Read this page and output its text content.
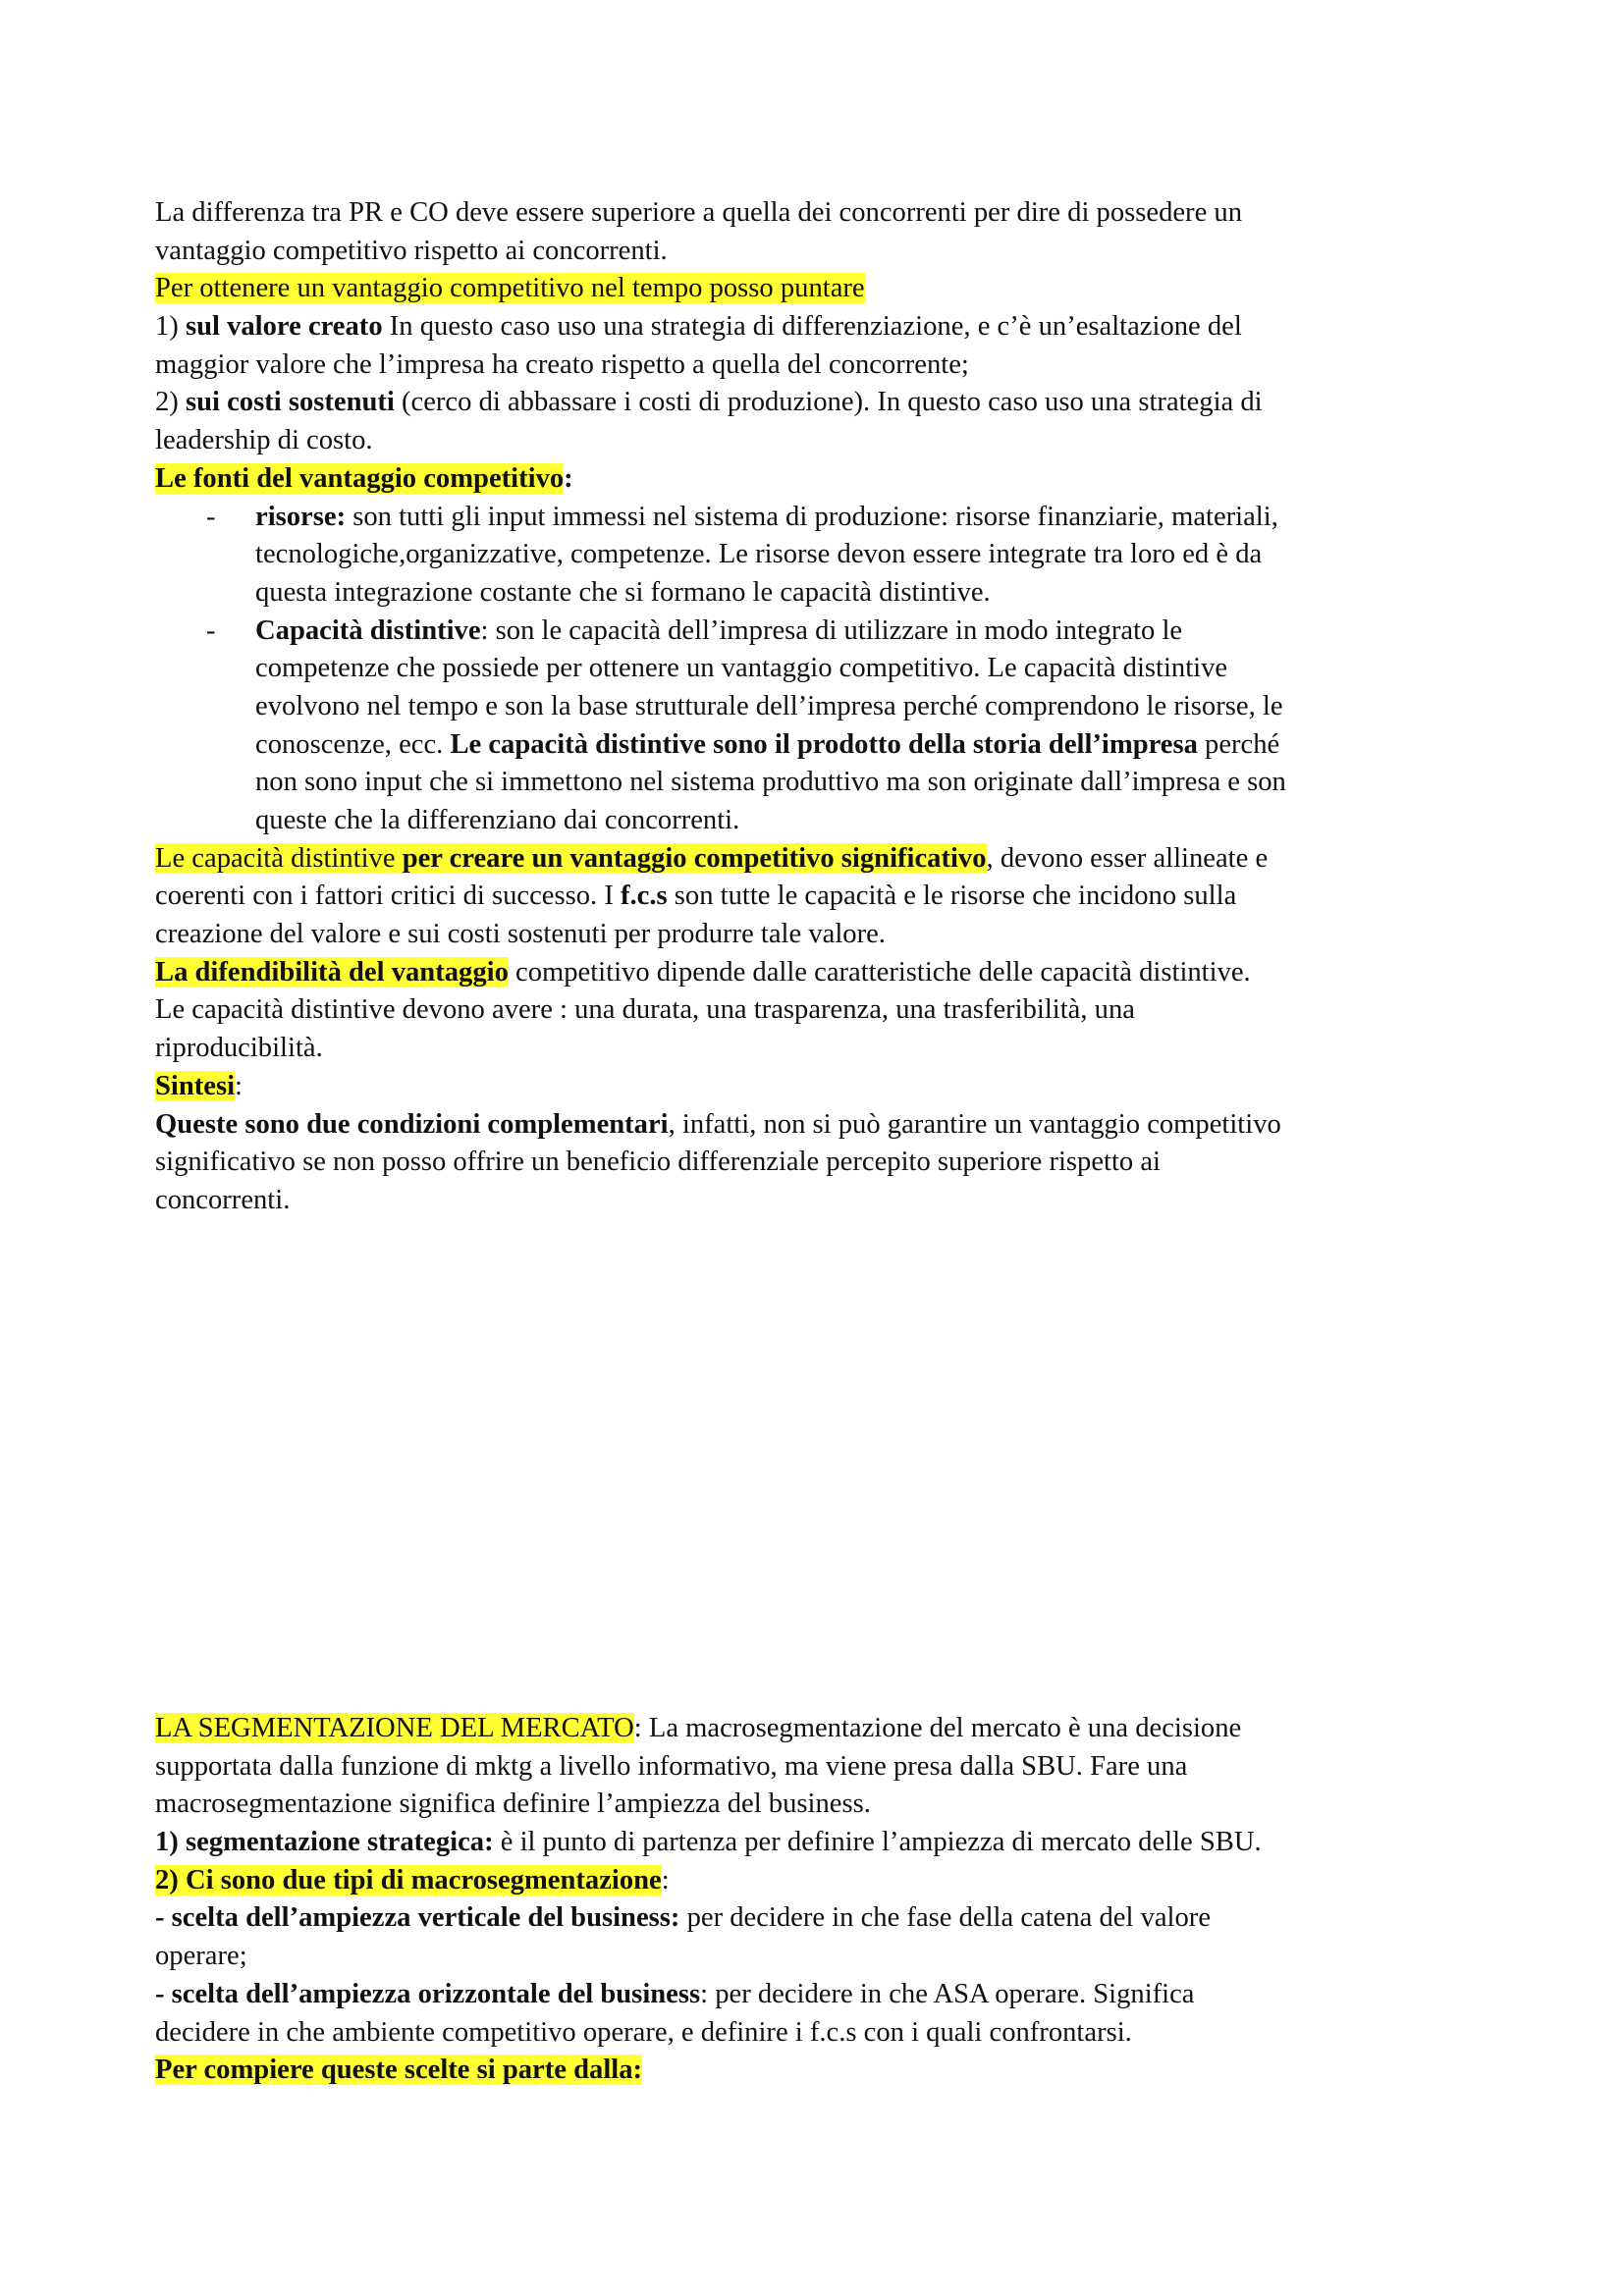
La differenza tra PR e CO deve essere superiore a quella dei concorrenti per dire di possedere un
vantaggio competitivo rispetto ai concorrenti.
Per ottenere un vantaggio competitivo nel tempo posso puntare
1) sul valore creato In questo caso uso una strategia di differenziazione, e c’è un’esaltazione del
maggior valore che l’impresa ha creato rispetto a quella del concorrente;
2) sui costi sostenuti (cerco di abbassare i costi di produzione). In questo caso uso una strategia di
leadership di costo.
Le fonti del vantaggio competitivo:
-	risorse: son tutti gli input immessi nel sistema di produzione: risorse finanziarie, materiali,
tecnologiche,organizzative, competenze. Le risorse devon essere integrate tra loro ed è da
questa integrazione costante che si formano le capacità distintive.
-	Capacità distintive: son le capacità dell’impresa di utilizzare in modo integrato le
competenze che possiede per ottenere un vantaggio competitivo. Le capacità distintive
evolvono nel tempo e son la base strutturale dell’impresa perché comprendono le risorse, le
conoscenze, ecc. Le capacità distintive sono il prodotto della storia dell’impresa perché
non sono input che si immettono nel sistema produttivo ma son originate dall’impresa e son
queste che la differenziano dai concorrenti.
Le capacità distintive per creare un vantaggio competitivo significativo, devono esser allineate e
coerenti con i fattori critici di successo. I f.c.s son tutte le capacità e le risorse che incidono sulla
creazione del valore e sui costi sostenuti per produrre tale valore.
La difendibilità del vantaggio competitivo dipende dalle caratteristiche delle capacità distintive.
Le capacità distintive devono avere : una durata, una trasparenza, una trasferibilità, una
riproducibilità.
Sintesi:
Queste sono due condizioni complementari, infatti, non si può garantire un vantaggio competitivo
significativo se non posso offrire un beneficio differenziale percepito superiore rispetto ai
concorrenti.
LA SEGMENTAZIONE DEL MERCATO: La macrosegmentazione del mercato è una decisione
supportata dalla funzione di mktg a livello informativo, ma viene presa dalla SBU. Fare una
macrosegmentazione significa definire l’ampiezza del business.
1) segmentazione strategica: è il punto di partenza per definire l’ampiezza di mercato delle SBU.
2) Ci sono due tipi di macrosegmentazione:
- scelta dell’ampiezza verticale del business: per decidere in che fase della catena del valore
operare;
- scelta dell’ampiezza orizzontale del business: per decidere in che ASA operare. Significa
decidere in che ambiente competitivo operare, e definire i f.c.s con i quali confrontarsi.
Per compiere queste scelte si parte dalla:
